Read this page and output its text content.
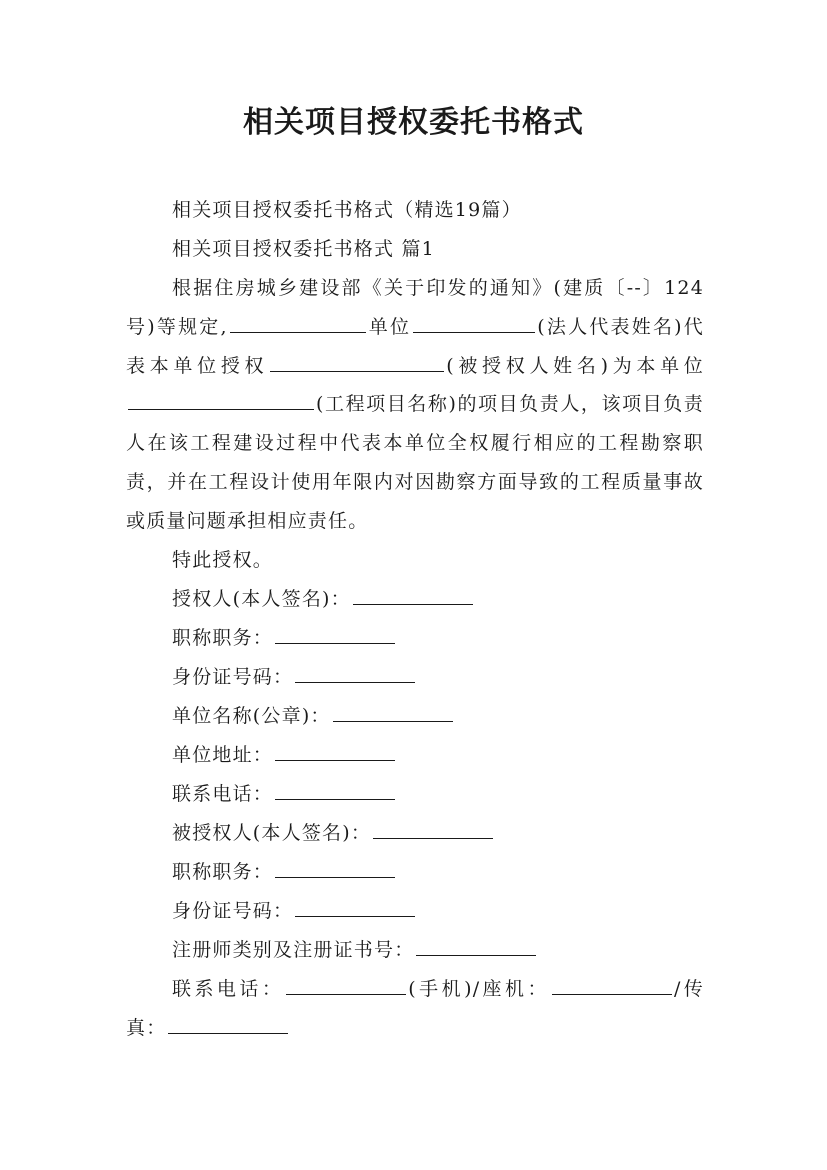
相关项目授权委托书格式

相关项目授权委托书格式（精选19篇）

相关项目授权委托书格式 篇1

根据住房城乡建设部《关于印发的通知》(建质〔--〕124号)等规定,	单位	(法人代表姓名)代表本单位授权	(被授权人姓名)为本单位(工程项目名称)的项目负责人，该项目负责人在该工程建设过程中代表本单位全权履行相应的工程勘察职责，并在工程设计使用年限内对因勘察方面导致的工程质量事故或质量问题承担相应责任。

特此授权。

授权人(本人签名)：
职称职务：
身份证号码：
单位名称(公章)：
单位地址：
联系电话：
被授权人(本人签名)：
职称职务：
身份证号码：
注册师类别及注册证书号：

联系电话：	(手机)/座机：	/传真：
